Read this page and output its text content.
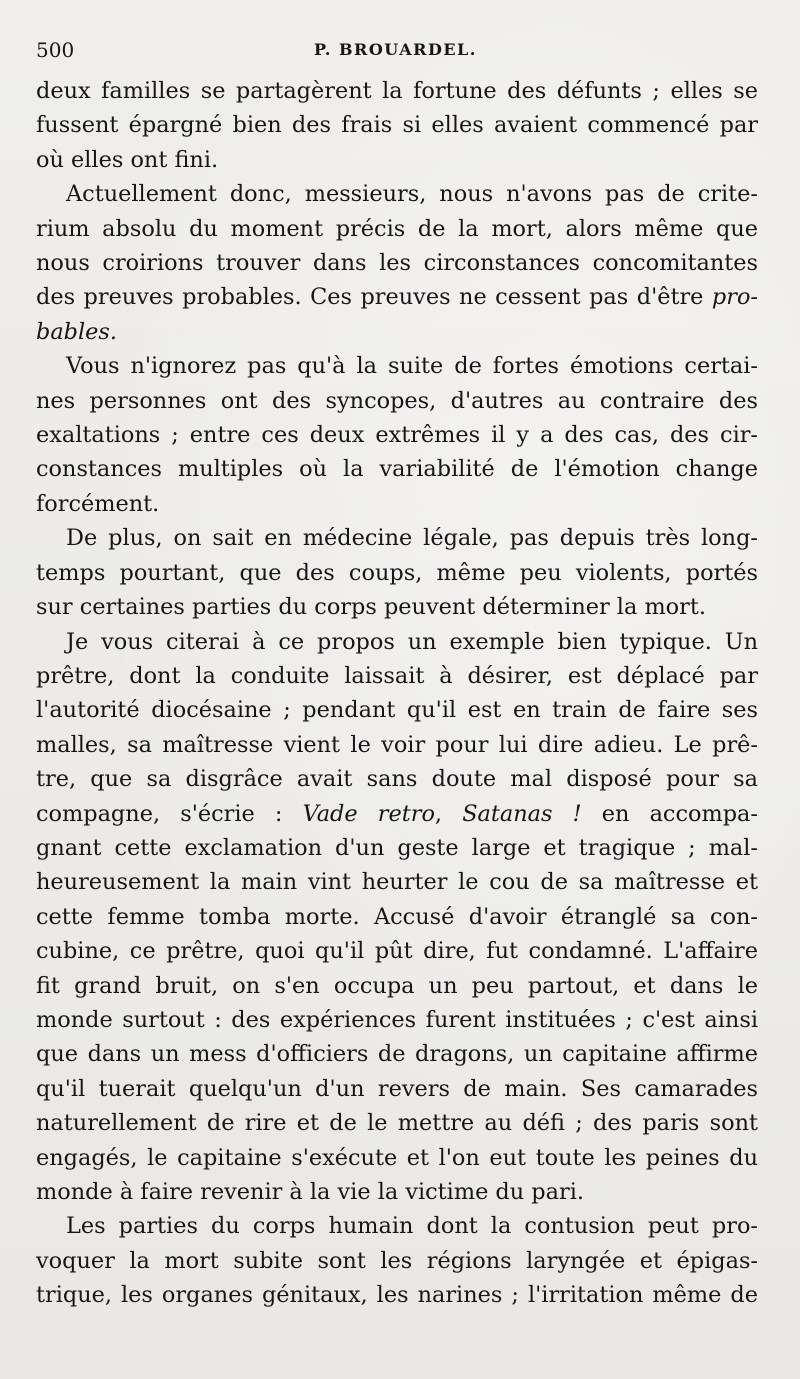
500	P. BROUARDEL.
deux familles se partagèrent la fortune des défunts ; elles se
fussent épargné bien des frais si elles avaient commencé par
où elles ont fini.
Actuellement donc, messieurs, nous n'avons pas de crite-
rium absolu du moment précis de la mort, alors même que
nous croirions trouver dans les circonstances concomitantes
des preuves probables. Ces preuves ne cessent pas d'être pro-
bables.
Vous n'ignorez pas qu'à la suite de fortes émotions certai-
nes personnes ont des syncopes, d'autres au contraire des
exaltations ; entre ces deux extrêmes il y a des cas, des cir-
constances multiples où la variabilité de l'émotion change
forcément.
De plus, on sait en médecine légale, pas depuis très long-
temps pourtant, que des coups, même peu violents, portés
sur certaines parties du corps peuvent déterminer la mort.
Je vous citerai à ce propos un exemple bien typique. Un
prêtre, dont la conduite laissait à désirer, est déplacé par
l'autorité diocésaine ; pendant qu'il est en train de faire ses
malles, sa maîtresse vient le voir pour lui dire adieu. Le prê-
tre, que sa disgrâce avait sans doute mal disposé pour sa
compagne, s'écrie : Vade retro, Satanas ! en accompa-
gnant cette exclamation d'un geste large et tragique ; mal-
heureusement la main vint heurter le cou de sa maîtresse et
cette femme tomba morte. Accusé d'avoir étranglé sa con-
cubine, ce prêtre, quoi qu'il pût dire, fut condamné. L'affaire
fit grand bruit, on s'en occupa un peu partout, et dans le
monde surtout : des expériences furent instituées ; c'est ainsi
que dans un mess d'officiers de dragons, un capitaine affirme
qu'il tuerait quelqu'un d'un revers de main. Ses camarades
naturellement de rire et de le mettre au défi ; des paris sont
engagés, le capitaine s'exécute et l'on eut toute les peines du
monde à faire revenir à la vie la victime du pari.
Les parties du corps humain dont la contusion peut pro-
voquer la mort subite sont les régions laryngée et épigas-
trique, les organes génitaux, les narines ; l'irritation même de
